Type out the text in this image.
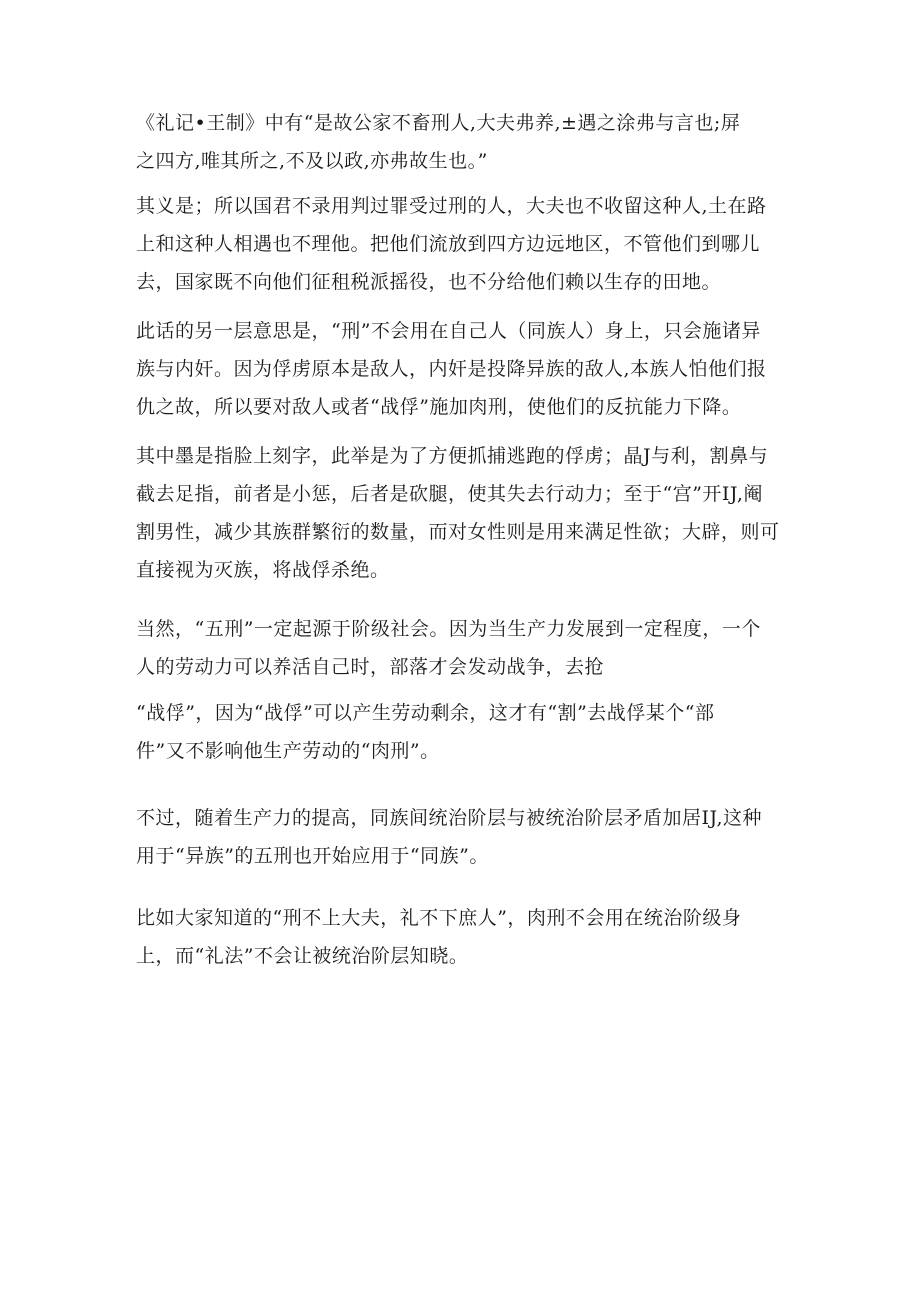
《礼记•王制》中有“是故公家不畜刑人,大夫弗养,±遇之涂弗与言也;屏
之四方,唯其所之,不及以政,亦弗故生也。”
其义是；所以国君不录用判过罪受过刑的人，大夫也不收留这种人,土在路
上和这种人相遇也不理他。把他们流放到四方边远地区，不管他们到哪儿
去，国家既不向他们征租税派摇役，也不分给他们赖以生存的田地。
此话的另一层意思是，“刑”不会用在自己人（同族人）身上，只会施诸异
族与内奸。因为俘虏原本是敌人，内奸是投降异族的敌人,本族人怕他们报
仇之故，所以要对敌人或者“战俘”施加肉刑，使他们的反抗能力下降。
其中墨是指脸上刻字，此举是为了方便抓捕逃跑的俘虏；晶J与利，割鼻与
截去足指，前者是小惩，后者是砍腿，使其失去行动力；至于“宫”开IJ,阉
割男性，减少其族群繁衍的数量，而对女性则是用来满足性欲；大辟，则可
直接视为灭族，将战俘杀绝。
当然，“五刑”一定起源于阶级社会。因为当生产力发展到一定程度，一个
人的劳动力可以养活自己时，部落才会发动战争，去抢
“战俘”，因为“战俘”可以产生劳动剩余，这才有“割”去战俘某个“部
件”又不影响他生产劳动的“肉刑”。
不过，随着生产力的提高，同族间统治阶层与被统治阶层矛盾加居IJ,这种
用于“异族”的五刑也开始应用于“同族”。
比如大家知道的“刑不上大夫，礼不下庶人”，肉刑不会用在统治阶级身
上，而“礼法”不会让被统治阶层知晓。
